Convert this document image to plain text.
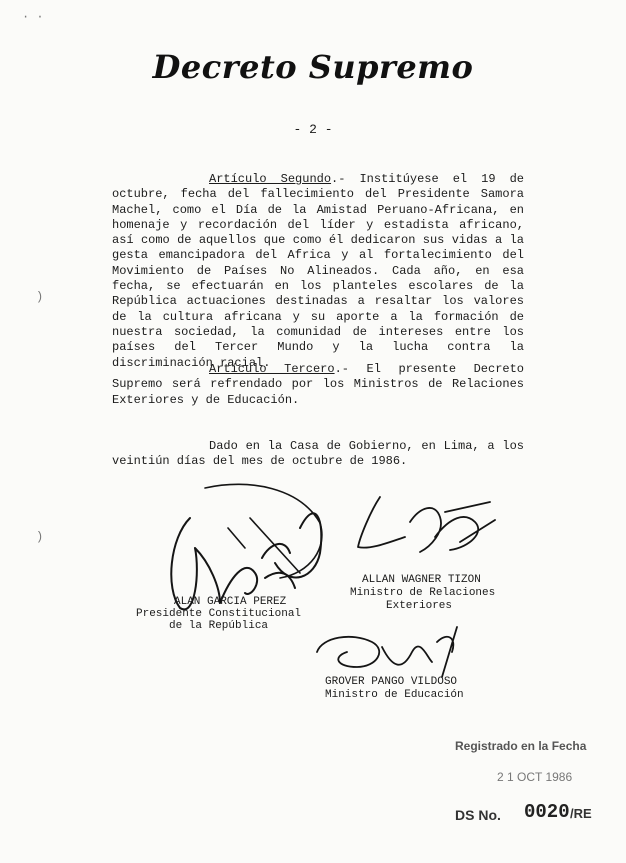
· ·
)
)
Decreto Supremo
- 2 -

Artículo Segundo.- Institúyese el 19 de octubre, fecha del fallecimiento del Presidente Samora Machel, como el Día de la Amistad Peruano-Africana, en homenaje y recordación del líder y estadista africano, así como de aquellos que como él dedicaron sus vidas a la gesta emancipadora del Africa y al fortalecimiento del Movimiento de Países No Alineados. Cada año, en esa fecha, se efectuarán en los planteles escolares de la República actuaciones destinadas a resaltar los valores de la cultura africana y su aporte a la formación de nuestra sociedad, la comunidad de intereses entre los países del Tercer Mundo y la lucha contra la discriminación racial.

Artículo Tercero.- El presente Decreto Supremo será refrendado por los Ministros de Relaciones Exteriores y de Educación.

Dado en la Casa de Gobierno, en Lima, a los veintiún días del mes de octubre de 1986.

ALAN GARCIA PEREZ
Presidente Constitucional
de la República
ALLAN WAGNER TIZON
Ministro de Relaciones
Exteriores
GROVER PANGO VILDOSO
Ministro de Educación
Registrado en la Fecha
2 1 OCT 1986
DS No. 0020 /RE
